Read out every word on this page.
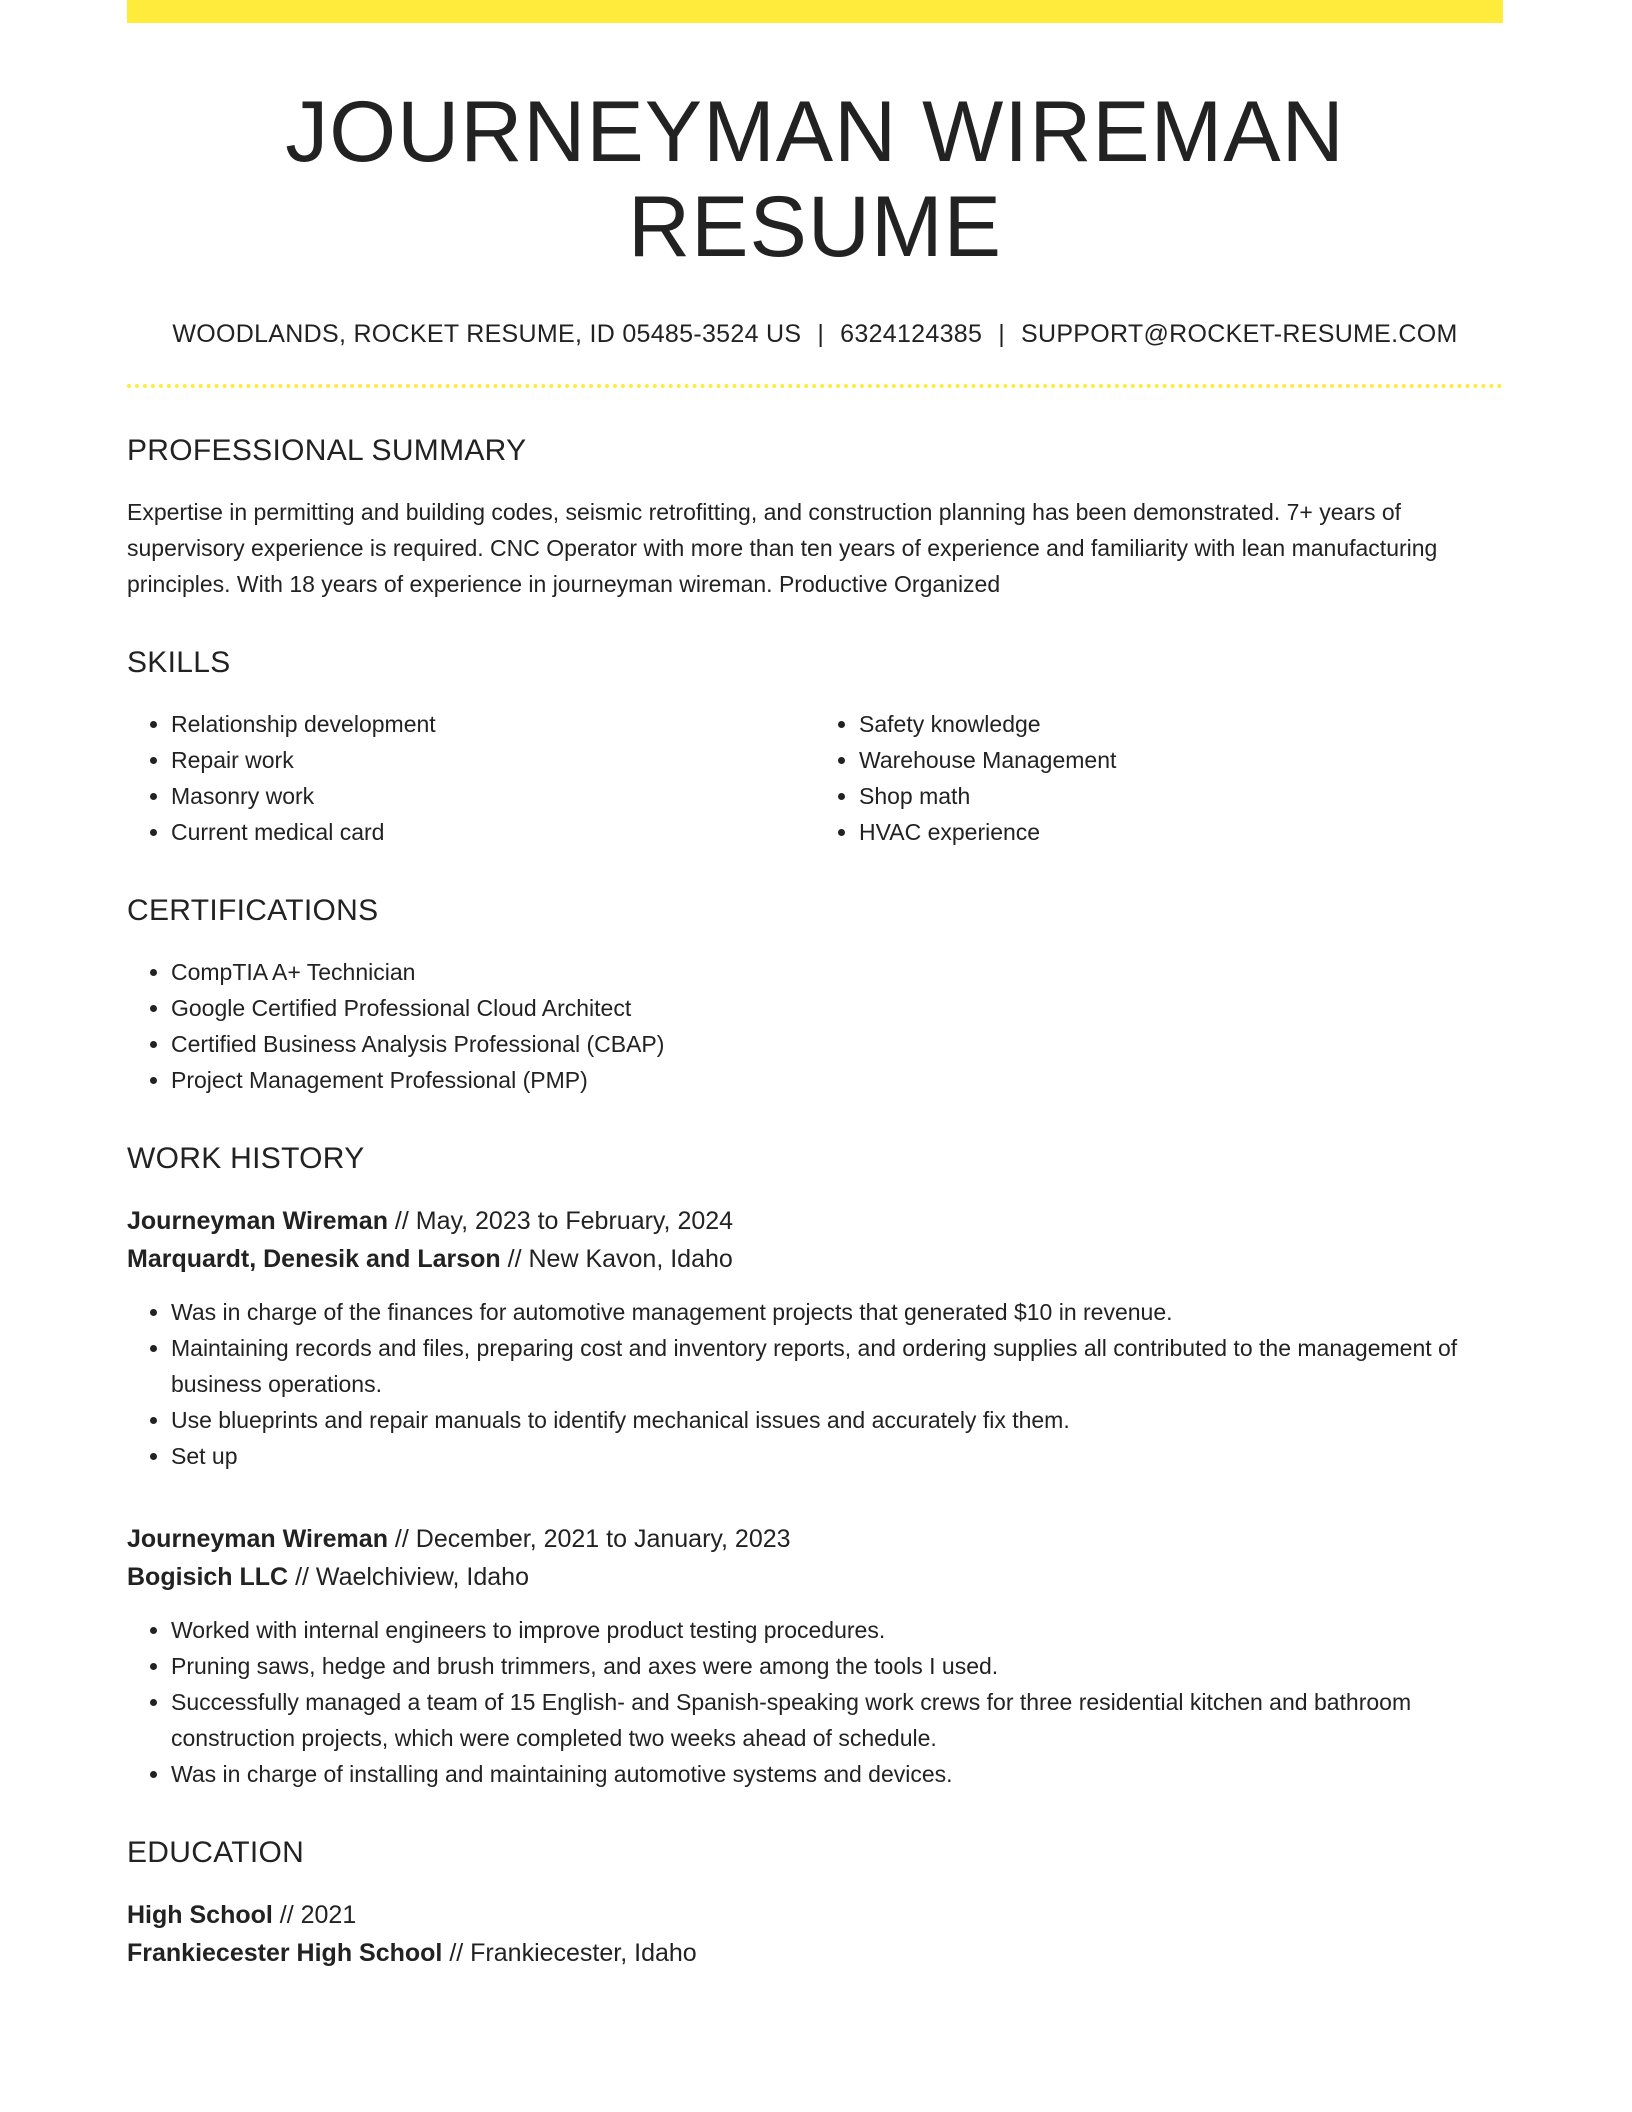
JOURNEYMAN WIREMAN RESUME
WOODLANDS, ROCKET RESUME, ID 05485-3524 US | 6324124385 | SUPPORT@ROCKET-RESUME.COM
PROFESSIONAL SUMMARY
Expertise in permitting and building codes, seismic retrofitting, and construction planning has been demonstrated. 7+ years of supervisory experience is required. CNC Operator with more than ten years of experience and familiarity with lean manufacturing principles. With 18 years of experience in journeyman wireman. Productive Organized
SKILLS
• Relationship development
• Repair work
• Masonry work
• Current medical card
• Safety knowledge
• Warehouse Management
• Shop math
• HVAC experience
CERTIFICATIONS
• CompTIA A+ Technician
• Google Certified Professional Cloud Architect
• Certified Business Analysis Professional (CBAP)
• Project Management Professional (PMP)
WORK HISTORY
Journeyman Wireman // May, 2023 to February, 2024
Marquardt, Denesik and Larson // New Kavon, Idaho
• Was in charge of the finances for automotive management projects that generated $10 in revenue.
• Maintaining records and files, preparing cost and inventory reports, and ordering supplies all contributed to the management of business operations.
• Use blueprints and repair manuals to identify mechanical issues and accurately fix them.
• Set up
Journeyman Wireman // December, 2021 to January, 2023
Bogisich LLC // Waelchiview, Idaho
• Worked with internal engineers to improve product testing procedures.
• Pruning saws, hedge and brush trimmers, and axes were among the tools I used.
• Successfully managed a team of 15 English- and Spanish-speaking work crews for three residential kitchen and bathroom construction projects, which were completed two weeks ahead of schedule.
• Was in charge of installing and maintaining automotive systems and devices.
EDUCATION
High School // 2021
Frankiecester High School // Frankiecester, Idaho
